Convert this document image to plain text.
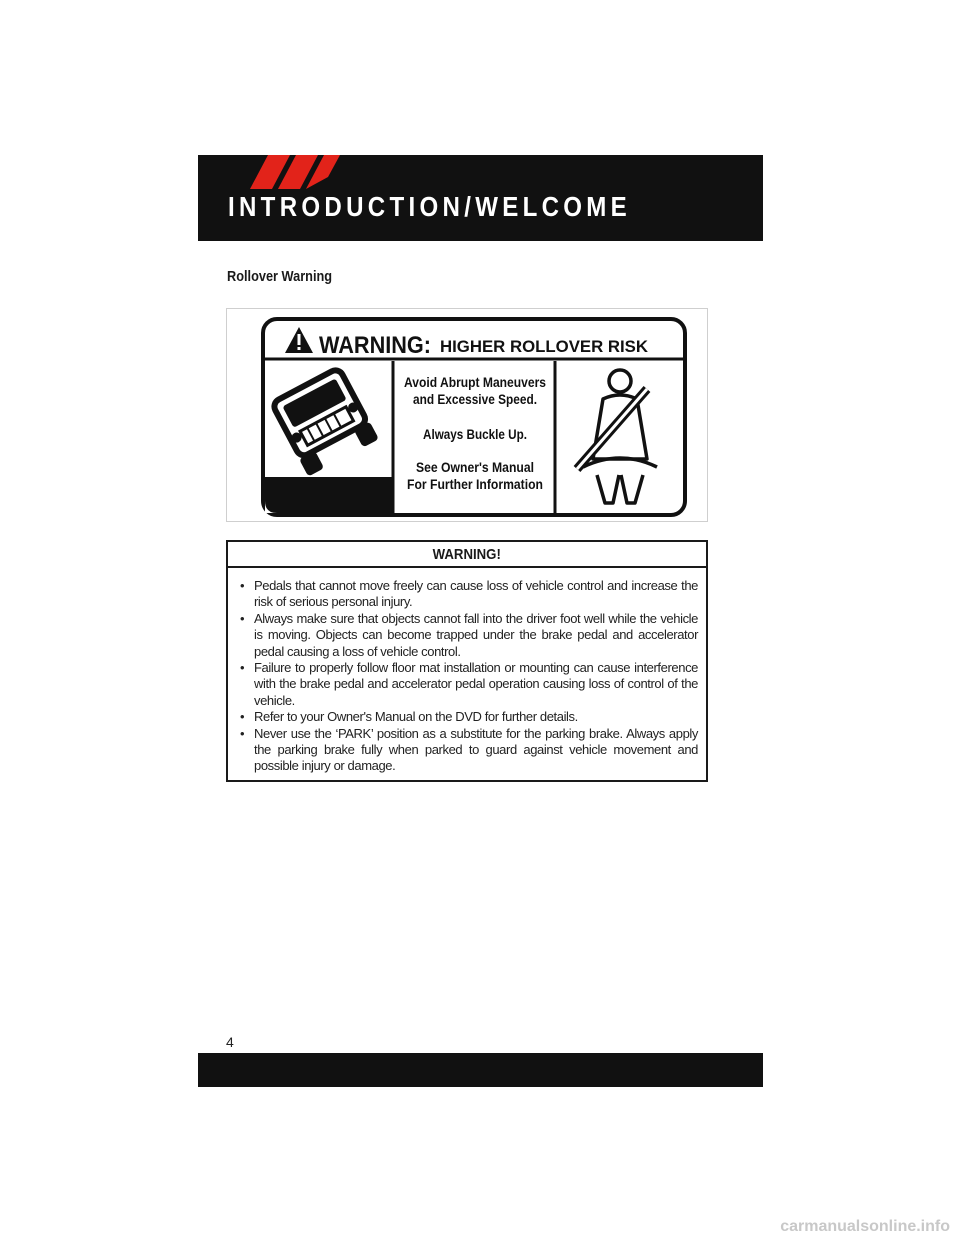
INTRODUCTION/WELCOME
Rollover Warning
WARNING: HIGHER ROLLOVER RISK
Avoid Abrupt Maneuvers
and Excessive Speed.
Always Buckle Up.
See Owner's Manual
For Further Information
WARNING!
• Pedals that cannot move freely can cause loss of vehicle control and increase the risk of serious personal injury.
• Always make sure that objects cannot fall into the driver foot well while the vehicle is moving. Objects can become trapped under the brake pedal and accelerator pedal causing a loss of vehicle control.
• Failure to properly follow floor mat installation or mounting can cause interference with the brake pedal and accelerator pedal operation causing loss of control of the vehicle.
• Refer to your Owner's Manual on the DVD for further details.
• Never use the ‘PARK’ position as a substitute for the parking brake. Always apply the parking brake fully when parked to guard against vehicle movement and possible injury or damage.
4
carmanualsonline.info
